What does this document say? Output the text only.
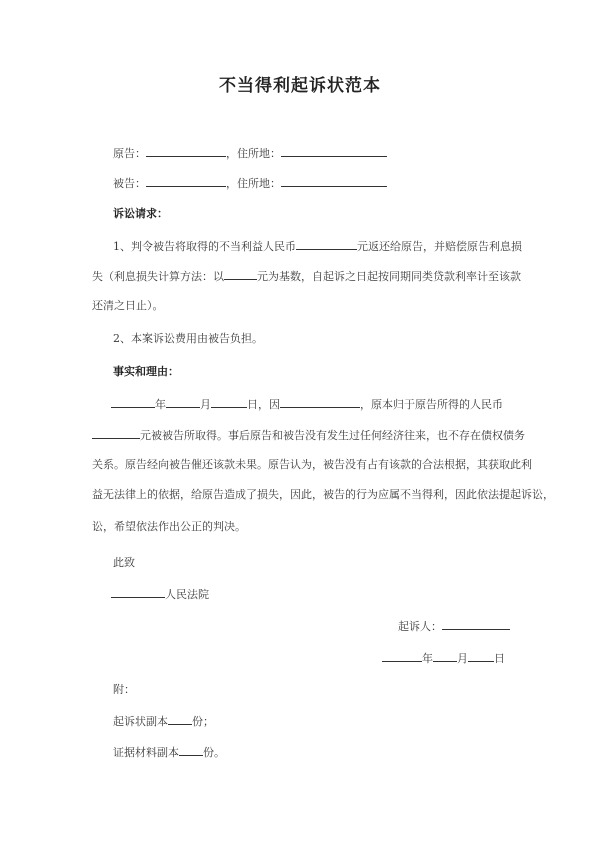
不当得利起诉状范本
原告：	，住所地：
被告：	，住所地：
诉讼请求：
1、判令被告将取得的不当利益人民币	元返还给原告，并赔偿原告利息损
失（利息损失计算方法：以	元为基数，自起诉之日起按同期同类贷款利率计至该款
还清之日止）。
2、本案诉讼费用由被告负担。
事实和理由：
年	月	日，因	，原本归于原告所得的人民币
元被被告所取得。事后原告和被告没有发生过任何经济往来，也不存在债权债务
关系。原告经向被告催还该款未果。原告认为，被告没有占有该款的合法根据，其获取此利
益无法律上的依据，给原告造成了损失，因此，被告的行为应属不当得利，因此依法提起诉讼，
讼，希望依法作出公正的判决。
此致
人民法院
起诉人：
年 月 日
附：
起诉状副本 份；
证据材料副本 份。
